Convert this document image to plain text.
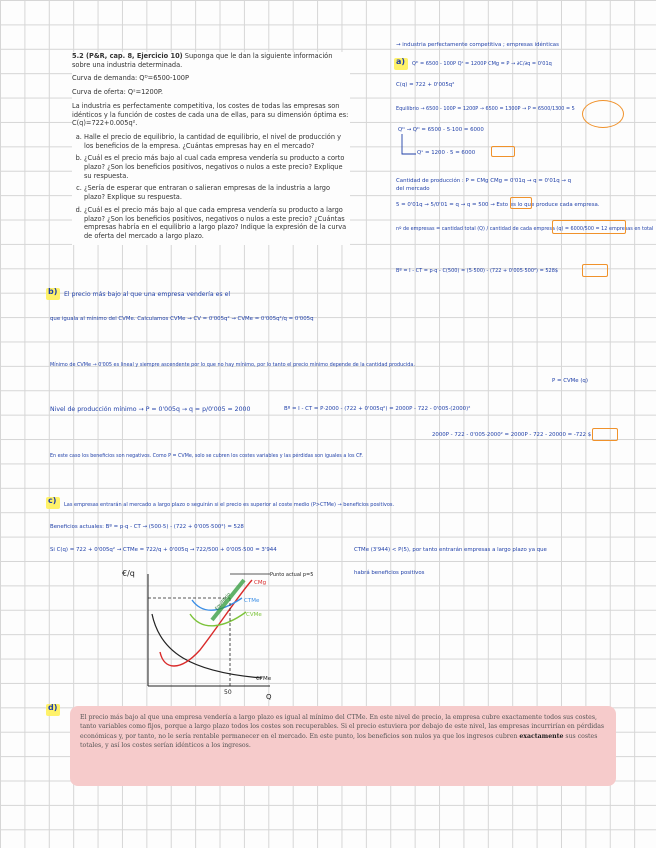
5.2 (P&R, cap. 8, Ejercicio 10) Suponga que le dan la siguiente información sobre una industria determinada.

Curva de demanda: Qᴰ=6500-100P

Curva de oferta: Qˢ=1200P.

La industria es perfectamente competitiva, los costes de todas las empresas son idénticos y la función de costes de cada una de ellas, para su dimensión óptima es: C(q)=722+0.005q².

a. Halle el precio de equilibrio, la cantidad de equilibrio, el nivel de producción y los beneficios de la empresa. ¿Cuántas empresas hay en el mercado?
b. ¿Cuál es el precio más bajo al cual cada empresa vendería su producto a corto plazo? ¿Son los beneficios positivos, negativos o nulos a este precio? Explique su respuesta.
c. ¿Sería de esperar que entraran o salieran empresas de la industria a largo plazo? Explique su respuesta.
d. ¿Cuál es el precio más bajo al que cada empresa vendería su producto a largo plazo? ¿Son los beneficios positivos, negativos o nulos a este precio? ¿Cuántas empresas habría en el equilibrio a largo plazo? Indique la expresión de la curva de oferta del mercado a largo plazo.
→ industria perfectamente competitiva ; empresas idénticas
a) Qᴰ = 6500 - 100P Qˢ = 1200P CMg = P → ∂C/∂q = 0'01q
C(q) = 722 + 0'005q²
Equilibrio → 6500 - 100P = 1200P → 6500 = 1300P → P = 6500/1300 = 5
Qᴰ → Qᴰ = 6500 - 5·100 = 6000
Qˢ = 1200 · 5 = 6000
Cantidad de producción : P = CMg CMg = 0'01q → q = 0'01q → q
del mercado
5 = 0'01q → 5/0'01 = q → q = 500 → Esto es lo que produce cada empresa.
nº de empresas = cantidad total (Q) / cantidad de cada empresa (q) = 6000/500 = 12 empresas en total
Bº = I - CT = p·q - C(500) = (5·500) - (722 + 0'005·500²) = 528$
b) El precio más bajo al que una empresa vendería es el
que iguala al mínimo del CVMe. Calculamos CVMe → CV = 0'005q² → CVMe = 0'005q²/q = 0'005q
Mínimo de CVMe → 0'005 es lineal y siempre ascendente por lo que no hay mínimo, por lo tanto el precio mínimo depende de la cantidad producida.
P = CVMe (q)
Nivel de producción mínimo → P = 0'005q → q = p/0'005 = 2000	Bº = I - CT = P·2000 - (722 + 0'005q²) = 2000P - 722 - 0'005·(2000)²
2000P - 722 - 0'005·2000² = 2000P - 722 - 20000 = -722 $
En este caso los beneficios son negativos. Como P = CVMe, solo se cubren los costes variables y las pérdidas son iguales a los CF.
c) Las empresas entrarán al mercado a largo plazo o seguirán si el precio es superior al coste medio (P>CTMe) → beneficios positivos.
Beneficios actuales: Bº = p·q - CT → (500·5) - (722 + 0'005·500²) = 528
Si C(q) = 722 + 0'005q² → CTMe = 722/q + 0'005q → 722/500 + 0'005·500 = 3'944	CTMe (3'944) < P(5), por tanto entrarán empresas a largo plazo ya que
habrá beneficios positivos
€/q
Q
50
CMg
CTMe
CVMe
CFMe
Punto actual p=5
Equilibrio
d)
El precio más bajo al que una empresa vendería a largo plazo es igual al mínimo del CTMe. En este nivel de precio, la empresa cubre exactamente todos sus costes, tanto variables como fijos, porque a largo plazo todos los costes son recuperables. Si el precio estuviera por debajo de este nivel, las empresas incurrirían en pérdidas económicas y, por tanto, no le sería rentable permanecer en el mercado. En este punto, los beneficios son nulos ya que los ingresos cubren exactamente sus costes totales, y así los costes serían idénticos a los ingresos.
